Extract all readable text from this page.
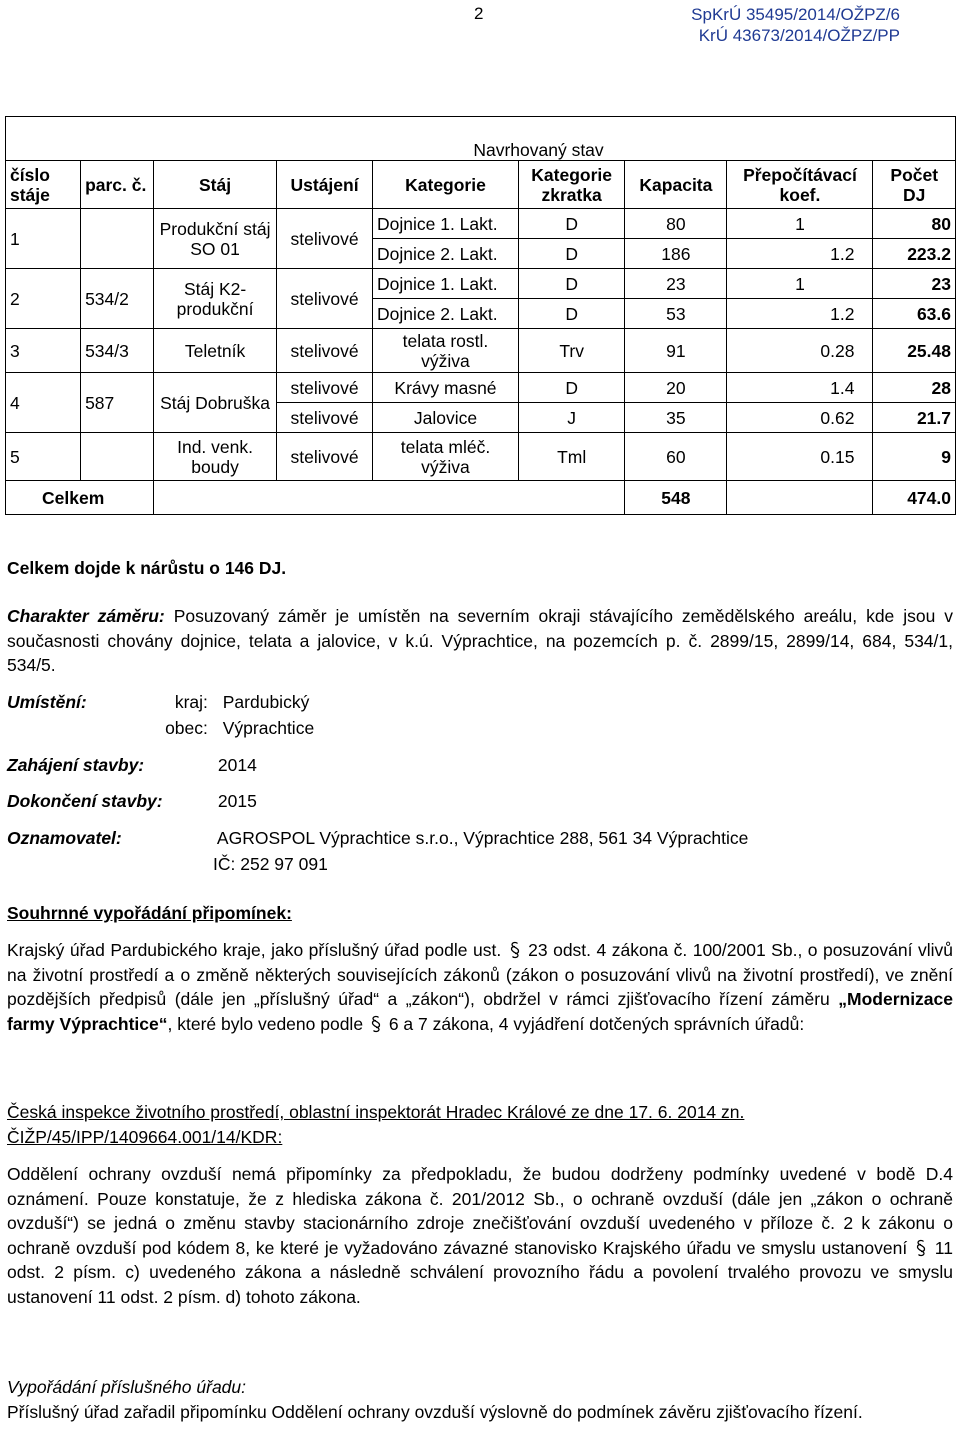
2	SpKrÚ 35495/2014/OŽPZ/6
KrÚ 43673/2014/OŽPZ/PP
Navrhovaný stav								
číslo stáje	parc. č.	Stáj	Ustájení	Kategorie	Kategorie zkratka	Kapacita	Přepočítávací koef.	Počet DJ
1		Produkční stáj SO 01	stelivové	Dojnice 1. Lakt.	D	80	1	80
				Dojnice 2. Lakt.	D	186	1.2	223.2
2	534/2	Stáj K2-produkční	stelivové	Dojnice 1. Lakt.	D	23	1	23
				Dojnice 2. Lakt.	D	53	1.2	63.6
3	534/3	Teletník	stelivové	telata rostl. výživa	Trv	91	0.28	25.48
4	587	Stáj Dobruška	stelivové	Krávy masné	D	20	1.4	28
			stelivové	Jalovice	J	35	0.62	21.7
5		Ind. venk. boudy	stelivové	telata mléč. výživa	Tml	60	0.15	9
Celkem						548		474.0
Celkem dojde k nárůstu o 146 DJ.
Charakter záměru: Posuzovaný záměr je umístěn na severním okraji stávajícího zemědělského areálu, kde jsou v současnosti chovány dojnice, telata a jalovice, v k.ú. Výprachtice, na pozemcích p. č. 2899/15, 2899/14, 684, 534/1, 534/5.
Umístění:	kraj: Pardubický
obec: Výprachtice
Zahájení stavby:	2014
Dokončení stavby:	2015
Oznamovatel:	AGROSPOL Výprachtice s.r.o., Výprachtice 288, 561 34 Výprachtice
IČ: 252 97 091
Souhrnné vypořádání připomínek:
Krajský úřad Pardubického kraje, jako příslušný úřad podle ust. 23 odst. 4 zákona č. 100/2001 Sb., o posuzování vlivů na životní prostředí a o změně některých souvisejících zákonů (zákon o posuzování vlivů na životní prostředí), ve znění pozdějších předpisů (dále jen „příslušný úřad“ a „zákon“), obdržel v rámci zjišťovacího řízení záměru „Modernizace farmy Výprachtice“, které bylo vedeno podle 6 a 7 zákona, 4 vyjádření dotčených správních úřadů:
Česká inspekce životního prostředí, oblastní inspektorát Hradec Králové ze dne 17. 6. 2014 zn. ČIŽP/45/IPP/1409664.001/14/KDR:
Oddělení ochrany ovzduší nemá připomínky za předpokladu, že budou dodrženy podmínky uvedené v bodě D.4 oznámení. Pouze konstatuje, že z hlediska zákona č. 201/2012 Sb., o ochraně ovzduší (dále jen „zákon o ochraně ovzduší“) se jedná o změnu stavby stacionárního zdroje znečišťování ovzduší uvedeného v příloze č. 2 k zákonu o ochraně ovzduší pod kódem 8, ke které je vyžadováno závazné stanovisko Krajského úřadu ve smyslu ustanovení 11 odst. 2 písm. c) uvedeného zákona a následně schválení provozního řádu a povolení trvalého provozu ve smyslu ustanovení 11 odst. 2 písm. d) tohoto zákona.
Vypořádání příslušného úřadu:
Příslušný úřad zařadil připomínku Oddělení ochrany ovzduší výslovně do podmínek závěru zjišťovacího řízení.
